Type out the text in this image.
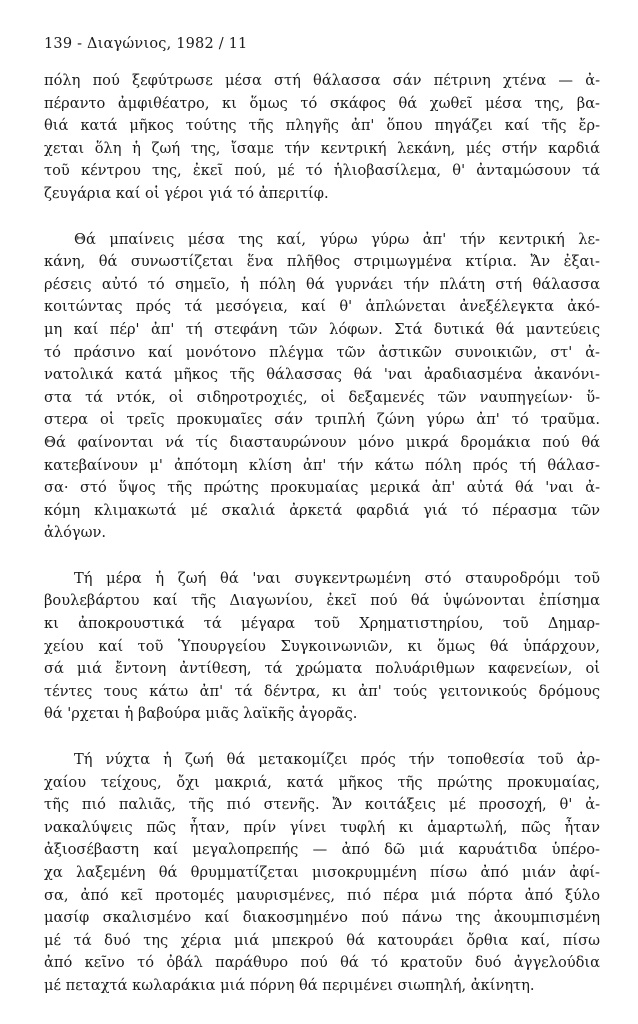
139 - Διαγώνιος, 1982 / 11
πόλη πού ξεφύτρωσε μέσα στή θάλασσα σάν πέτρινη χτένα — ἀ-
πέραντο ἀμφιθέατρο, κι ὅμως τό σκάφος θά χωθεῖ μέσα της, βα-
θιά κατά μῆκος τούτης τῆς πληγῆς ἀπ' ὅπου πηγάζει καί τῆς ἔρ-
χεται ὅλη ἡ ζωή της, ἴσαμε τήν κεντρική λεκάνη, μές στήν καρδιά
τοῦ κέντρου της, ἐκεῖ πού, μέ τό ἡλιοβασίλεμα, θ' ἀνταμώσουν τά
ζευγάρια καί οἱ γέροι γιά τό ἀπεριτίφ.
Θά μπαίνεις μέσα της καί, γύρω γύρω ἀπ' τήν κεντρική λε-
κάνη, θά συνωστίζεται ἕνα πλῆθος στριμωγμένα κτίρια. Ἄν ἐξαι-
ρέσεις αὐτό τό σημεῖο, ἡ πόλη θά γυρνάει τήν πλάτη στή θάλασσα
κοιτώντας πρός τά μεσόγεια, καί θ' ἁπλώνεται ἀνεξέλεγκτα ἀκό-
μη καί πέρ' ἀπ' τή στεφάνη τῶν λόφων. Στά δυτικά θά μαντεύεις
τό πράσινο καί μονότονο πλέγμα τῶν ἀστικῶν συνοικιῶν, στ' ἀ-
νατολικά κατά μῆκος τῆς θάλασσας θά 'ναι ἀραδιασμένα ἀκανόνι-
στα τά ντόκ, οἱ σιδηροτροχιές, οἱ δεξαμενές τῶν ναυπηγείων· ὕ-
στερα οἱ τρεῖς προκυμαῖες σάν τριπλή ζώνη γύρω ἀπ' τό τραῦμα.
Θά φαίνονται νά τίς διασταυρώνουν μόνο μικρά δρομάκια πού θά
κατεβαίνουν μ' ἀπότομη κλίση ἀπ' τήν κάτω πόλη πρός τή θάλασ-
σα· στό ὕψος τῆς πρώτης προκυμαίας μερικά ἀπ' αὐτά θά 'ναι ἀ-
κόμη κλιμακωτά μέ σκαλιά ἀρκετά φαρδιά γιά τό πέρασμα τῶν
ἀλόγων.
Τή μέρα ἡ ζωή θά 'ναι συγκεντρωμένη στό σταυροδρόμι τοῦ
βουλεβάρτου καί τῆς Διαγωνίου, ἐκεῖ πού θά ὑψώνονται ἐπίσημα
κι ἀποκρουστικά τά μέγαρα τοῦ Χρηματιστηρίου, τοῦ Δημαρ-
χείου καί τοῦ Ὑπουργείου Συγκοινωνιῶν, κι ὅμως θά ὑπάρχουν,
σά μιά ἔντονη ἀντίθεση, τά χρώματα πολυάριθμων καφενείων, οἱ
τέντες τους κάτω ἀπ' τά δέντρα, κι ἀπ' τούς γειτονικούς δρόμους
θά 'ρχεται ἡ βαβούρα μιᾶς λαϊκῆς ἀγορᾶς.
Τή νύχτα ἡ ζωή θά μετακομίζει πρός τήν τοποθεσία τοῦ ἀρ-
χαίου τείχους, ὄχι μακριά, κατά μῆκος τῆς πρώτης προκυμαίας,
τῆς πιό παλιᾶς, τῆς πιό στενῆς. Ἄν κοιτάξεις μέ προσοχή, θ' ἀ-
νακαλύψεις πῶς ἦταν, πρίν γίνει τυφλή κι ἁμαρτωλή, πῶς ἦταν
ἀξιοσέβαστη καί μεγαλοπρεπής — ἀπό δῶ μιά καρυάτιδα ὑπέρο-
χα λαξεμένη θά θρυμματίζεται μισοκρυμμένη πίσω ἀπό μιάν ἀφί-
σα, ἀπό κεῖ προτομές μαυρισμένες, πιό πέρα μιά πόρτα ἀπό ξύλο
μασίφ σκαλισμένο καί διακοσμημένο πού πάνω της ἀκουμπισμένη
μέ τά δυό της χέρια μιά μπεκρού θά κατουράει ὄρθια καί, πίσω
ἀπό κεῖνο τό ὀβάλ παράθυρο πού θά τό κρατοῦν δυό ἀγγελούδια
μέ πεταχτά κωλαράκια μιά πόρνη θά περιμένει σιωπηλή, ἀκίνητη.
